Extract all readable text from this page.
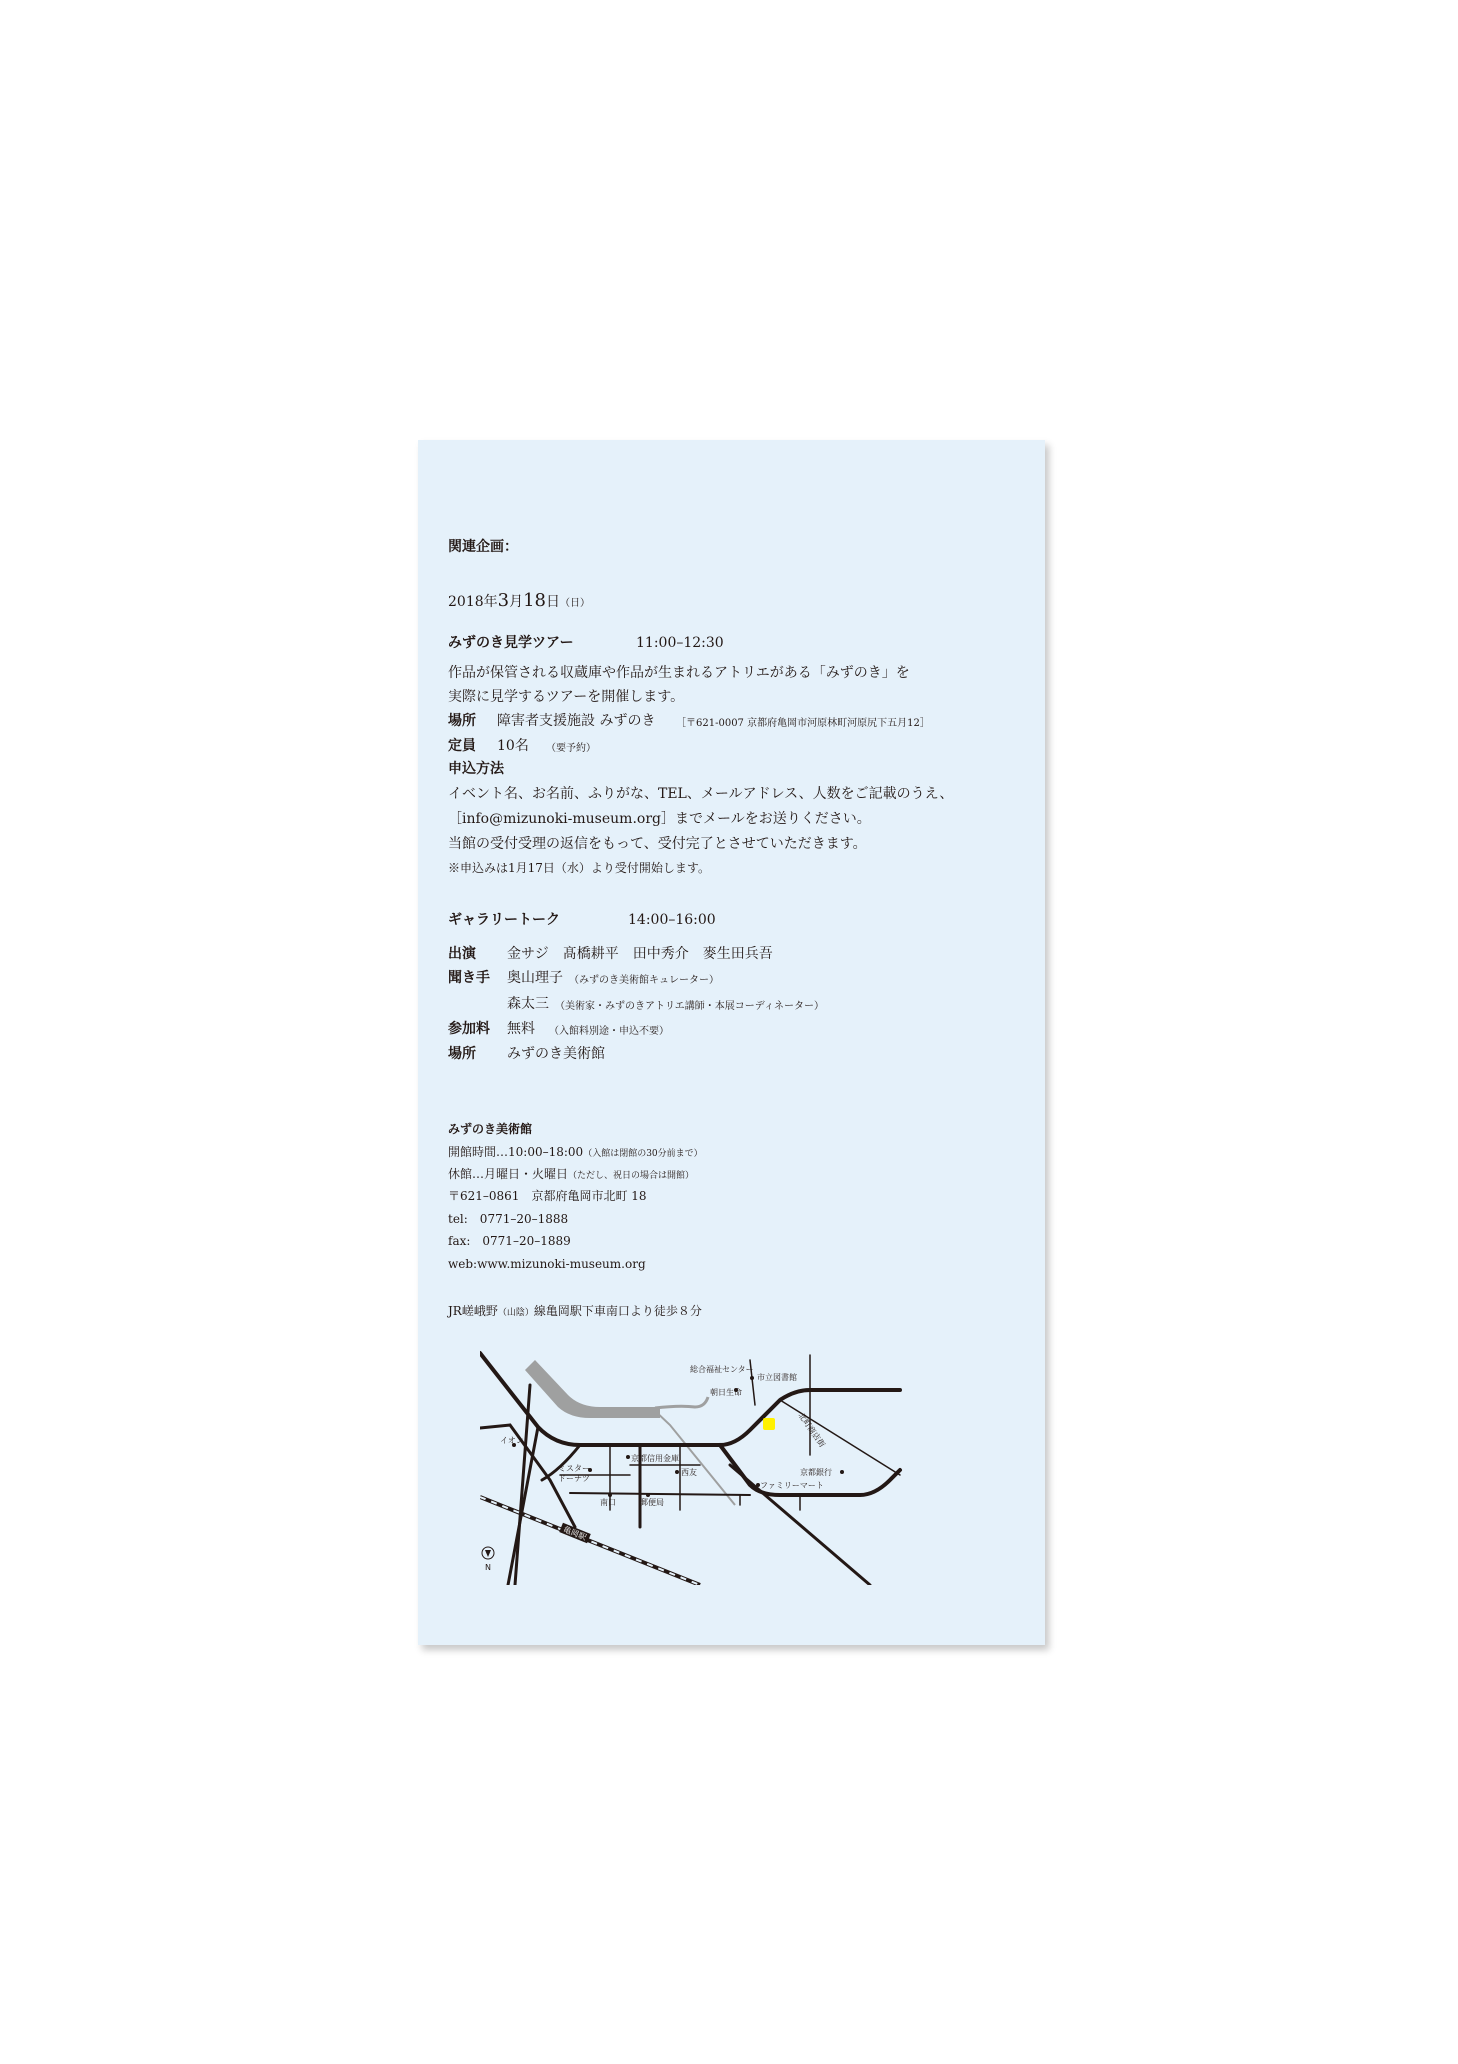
関連企画：
2018年3月18日（日）
みずのき見学ツアー	11:00–12:30
作品が保管される収蔵庫や作品が生まれるアトリエがある「みずのき」を
実際に見学するツアーを開催します。
場所 障害者支援施設 みずのき ［〒621-0007 京都府亀岡市河原林町河原尻下五月12］
定員 10名 （要予約）
申込方法
イベント名、お名前、ふりがな、TEL、メールアドレス、人数をご記載のうえ、
［info@mizunoki-museum.org］までメールをお送りください。
当館の受付受理の返信をもって、受付完了とさせていただきます。
※申込みは1月17日（水）より受付開始します。
ギャラリートーク	14:00–16:00
出演 金サジ　髙橋耕平　田中秀介　麥生田兵吾
聞き手 奥山理子 （みずのき美術館キュレーター）
森太三 （美術家・みずのきアトリエ講師・本展コーディネーター）
参加料 無料 （入館料別途・申込不要）
場所 みずのき美術館
みずのき美術館
開館時間…10:00–18:00（入館は閉館の30分前まで）
休館…月曜日・火曜日（ただし、祝日の場合は開館）
〒621–0861　京都府亀岡市北町 18
tel:　0771–20–1888
fax:　0771–20–1889
web:www.mizunoki-museum.org
JR嵯峨野（山陰）線亀岡駅下車南口より徒歩８分
亀岡駅
総合福祉センター
市立図書館
朝日生命
北町商店街
イオン
京都信用金庫
ミスター
ドーナツ
西友
ファミリーマート
京都銀行
南口	郵便局
N
